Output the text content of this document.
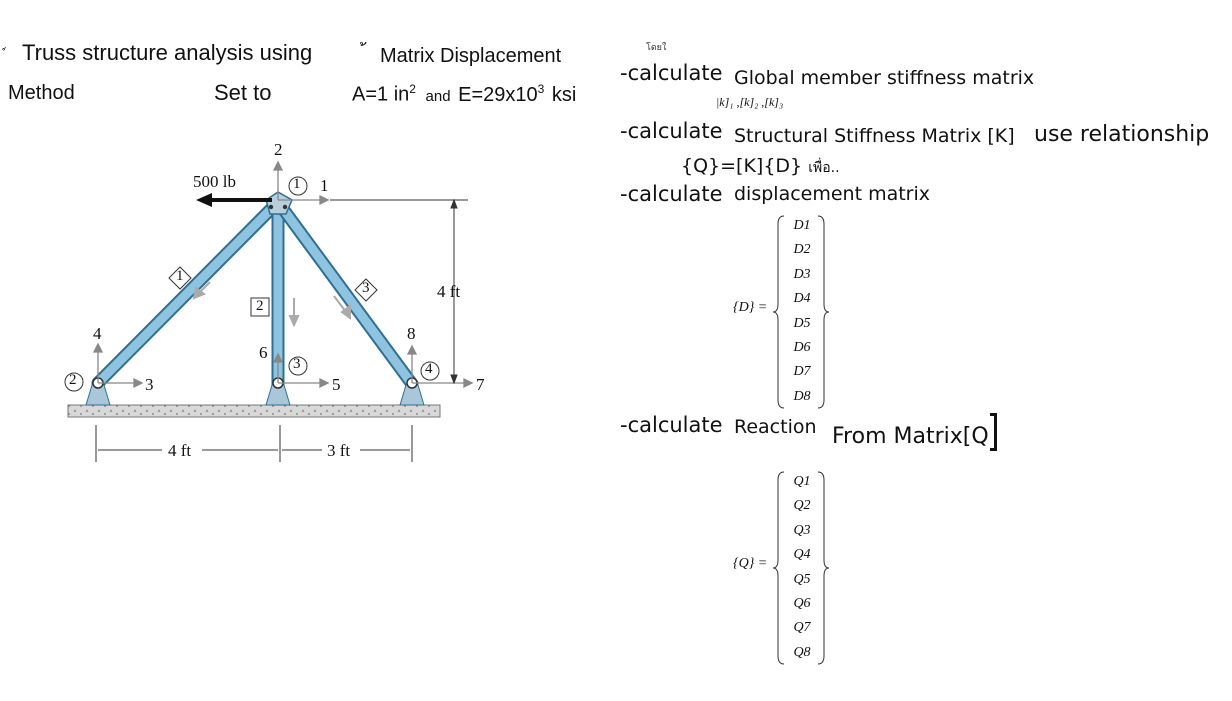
Truss structure analysis using	Matrix Displacement
Method	Set to	A=1 $in^2$ and $E=29x10^3$ ksi
500 lb
4 ft
4 ft	3 ft
1
2
3	4
1
2
3
1
2
3
4
5
6
7
8
โดยใ
-calculate Global member stiffness matrix
|k]₁ ,[k]₂ ,[k]₃
-calculate Structural Stiffness Matrix [K] use relationship
{Q}=[K]{D} เพื่อ..
-calculate displacement matrix
{D} =
D1
D2
D3
D4
D5
D6
D7
D8
-calculate Reaction From Matrix[Q
{Q} =
Q1
Q2
Q3
Q4
Q5
Q6
Q7
Q8
